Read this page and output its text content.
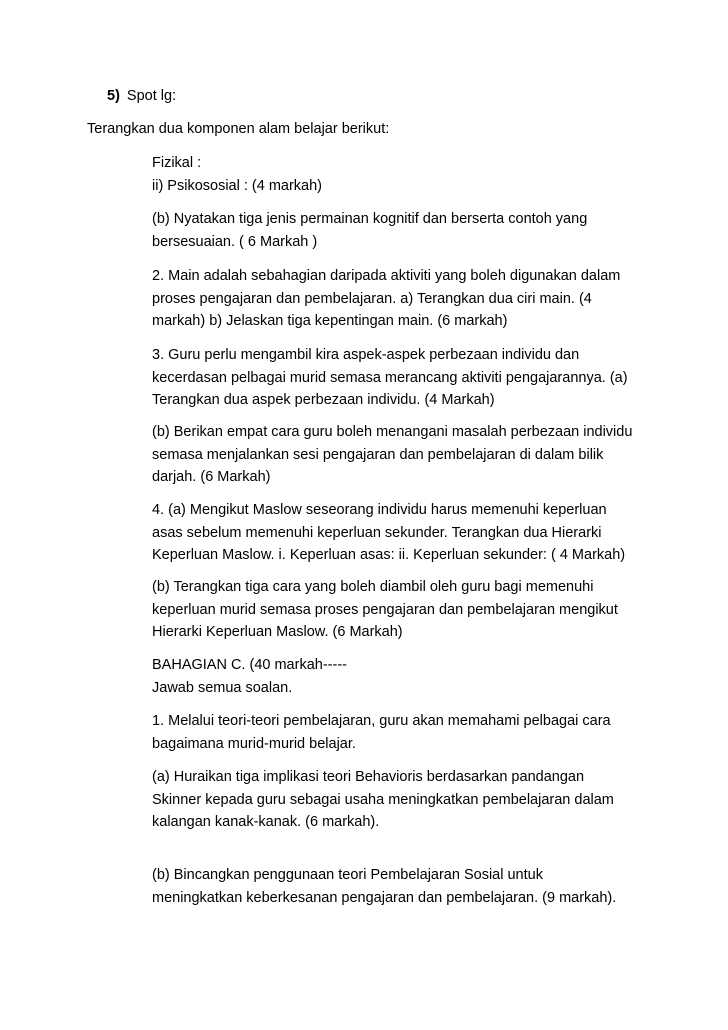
5) Spot lg:
Terangkan dua komponen alam belajar berikut:
Fizikal :
ii) Psikososial : (4 markah)
(b) Nyatakan tiga jenis permainan kognitif dan berserta contoh yang
bersesuaian. ( 6 Markah )
2. Main adalah sebahagian daripada aktiviti yang boleh digunakan dalam
proses pengajaran dan pembelajaran. a) Terangkan dua ciri main. (4
markah) b) Jelaskan tiga kepentingan main. (6 markah)
3. Guru perlu mengambil kira aspek-aspek perbezaan individu dan
kecerdasan pelbagai murid semasa merancang aktiviti pengajarannya. (a)
Terangkan dua aspek perbezaan individu. (4 Markah)
(b) Berikan empat cara guru boleh menangani masalah perbezaan individu
semasa menjalankan sesi pengajaran dan pembelajaran di dalam bilik
darjah. (6 Markah)
4. (a) Mengikut Maslow seseorang individu harus memenuhi keperluan
asas sebelum memenuhi keperluan sekunder. Terangkan dua Hierarki
Keperluan Maslow. i. Keperluan asas: ii. Keperluan sekunder: ( 4 Markah)
(b) Terangkan tiga cara yang boleh diambil oleh guru bagi memenuhi
keperluan murid semasa proses pengajaran dan pembelajaran mengikut
Hierarki Keperluan Maslow. (6 Markah)
BAHAGIAN C. (40 markah-----
Jawab semua soalan.
1. Melalui teori-teori pembelajaran, guru akan memahami pelbagai cara
bagaimana murid-murid belajar.
(a) Huraikan tiga implikasi teori Behavioris berdasarkan pandangan
Skinner kepada guru sebagai usaha meningkatkan pembelajaran dalam
kalangan kanak-kanak. (6 markah).
(b) Bincangkan penggunaan teori Pembelajaran Sosial untuk
meningkatkan keberkesanan pengajaran dan pembelajaran. (9 markah).
